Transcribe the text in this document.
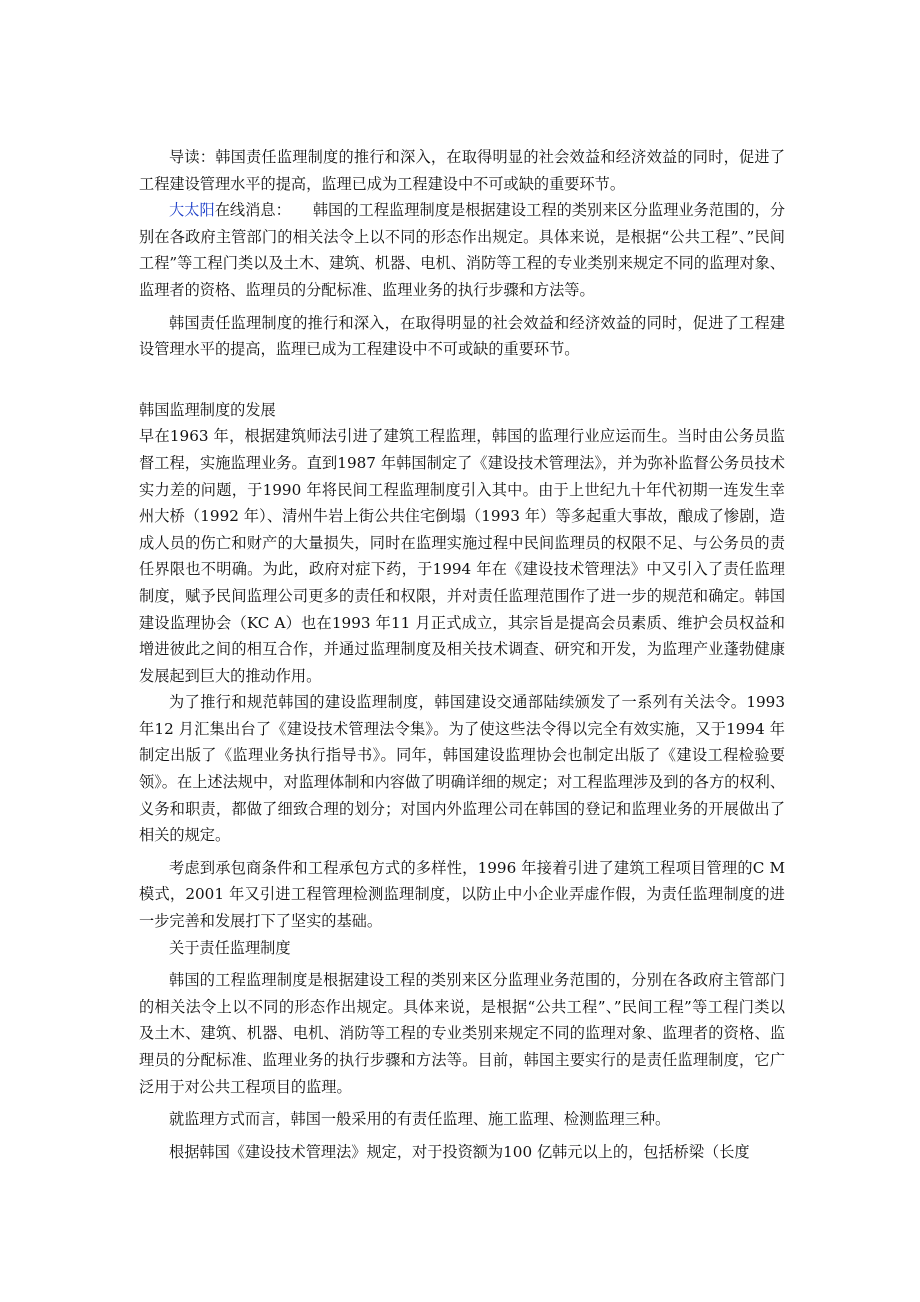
导读：韩国责任监理制度的推行和深入，在取得明显的社会效益和经济效益的同时，促进了工程建设管理水平的提高，监理已成为工程建设中不可或缺的重要环节。

大太阳在线消息： 韩国的工程监理制度是根据建设工程的类别来区分监理业务范围的，分别在各政府主管部门的相关法令上以不同的形态作出规定。具体来说，是根据“公共工程”、”民间工程”等工程门类以及土木、建筑、机器、电机、消防等工程的专业类别来规定不同的监理对象、监理者的资格、监理员的分配标准、监理业务的执行步骤和方法等。

韩国责任监理制度的推行和深入，在取得明显的社会效益和经济效益的同时，促进了工程建设管理水平的提高，监理已成为工程建设中不可或缺的重要环节。

韩国监理制度的发展

早在1963 年，根据建筑师法引进了建筑工程监理，韩国的监理行业应运而生。当时由公务员监督工程，实施监理业务。直到1987 年韩国制定了《建设技术管理法》，并为弥补监督公务员技术实力差的问题，于1990 年将民间工程监理制度引入其中。由于上世纪九十年代初期一连发生幸州大桥（1992 年）、清州牛岩上街公共住宅倒塌（1993 年）等多起重大事故，酿成了惨剧，造成人员的伤亡和财产的大量损失，同时在监理实施过程中民间监理员的权限不足、与公务员的责任界限也不明确。为此，政府对症下药，于1994 年在《建设技术管理法》中又引入了责任监理制度，赋予民间监理公司更多的责任和权限，并对责任监理范围作了进一步的规范和确定。韩国建设监理协会（KC A）也在1993 年11 月正式成立，其宗旨是提高会员素质、维护会员权益和增进彼此之间的相互合作，并通过监理制度及相关技术调查、研究和开发，为监理产业蓬勃健康发展起到巨大的推动作用。

为了推行和规范韩国的建设监理制度，韩国建设交通部陆续颁发了一系列有关法令。1993 年12 月汇集出台了《建设技术管理法令集》。为了使这些法令得以完全有效实施，又于1994 年制定出版了《监理业务执行指导书》。同年，韩国建设监理协会也制定出版了《建设工程检验要领》。在上述法规中，对监理体制和内容做了明确详细的规定；对工程监理涉及到的各方的权利、义务和职责，都做了细致合理的划分；对国内外监理公司在韩国的登记和监理业务的开展做出了相关的规定。

考虑到承包商条件和工程承包方式的多样性，1996 年接着引进了建筑工程项目管理的C M 模式，2001 年又引进工程管理检测监理制度，以防止中小企业弄虚作假，为责任监理制度的进一步完善和发展打下了坚实的基础。

关于责任监理制度

韩国的工程监理制度是根据建设工程的类别来区分监理业务范围的，分别在各政府主管部门的相关法令上以不同的形态作出规定。具体来说，是根据“公共工程”、”民间工程”等工程门类以及土木、建筑、机器、电机、消防等工程的专业类别来规定不同的监理对象、监理者的资格、监理员的分配标准、监理业务的执行步骤和方法等。目前，韩国主要实行的是责任监理制度，它广泛用于对公共工程项目的监理。

就监理方式而言，韩国一般采用的有责任监理、施工监理、检测监理三种。

根据韩国《建设技术管理法》规定，对于投资额为100 亿韩元以上的，包括桥梁（长度
